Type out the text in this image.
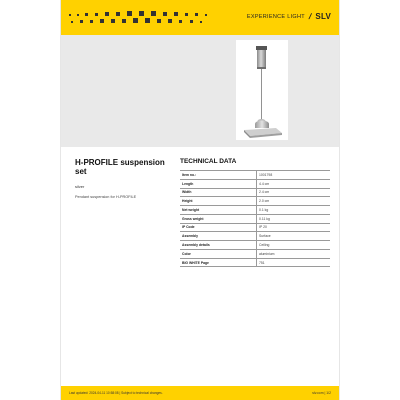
EXPERIENCE LIGHT / SLV
H-PROFILE suspension set
silver
Pendant suspension for H-PROFILE
TECHNICAL DATA
Item no.:	1001798
Length	4.4 cm
Width	2.4 cm
Height	2.0 cm
Net weight	0.1 kg
Gross weight	0.11 kg
IP Code	IP 20
Assembly	Surface
Assembly details	Ceiling
Color	aluminium
BIG WHITE Page	751
Last updated: 2024-04-11 10:58:08 | Subject to technical changes.	slv.com | 1/2
